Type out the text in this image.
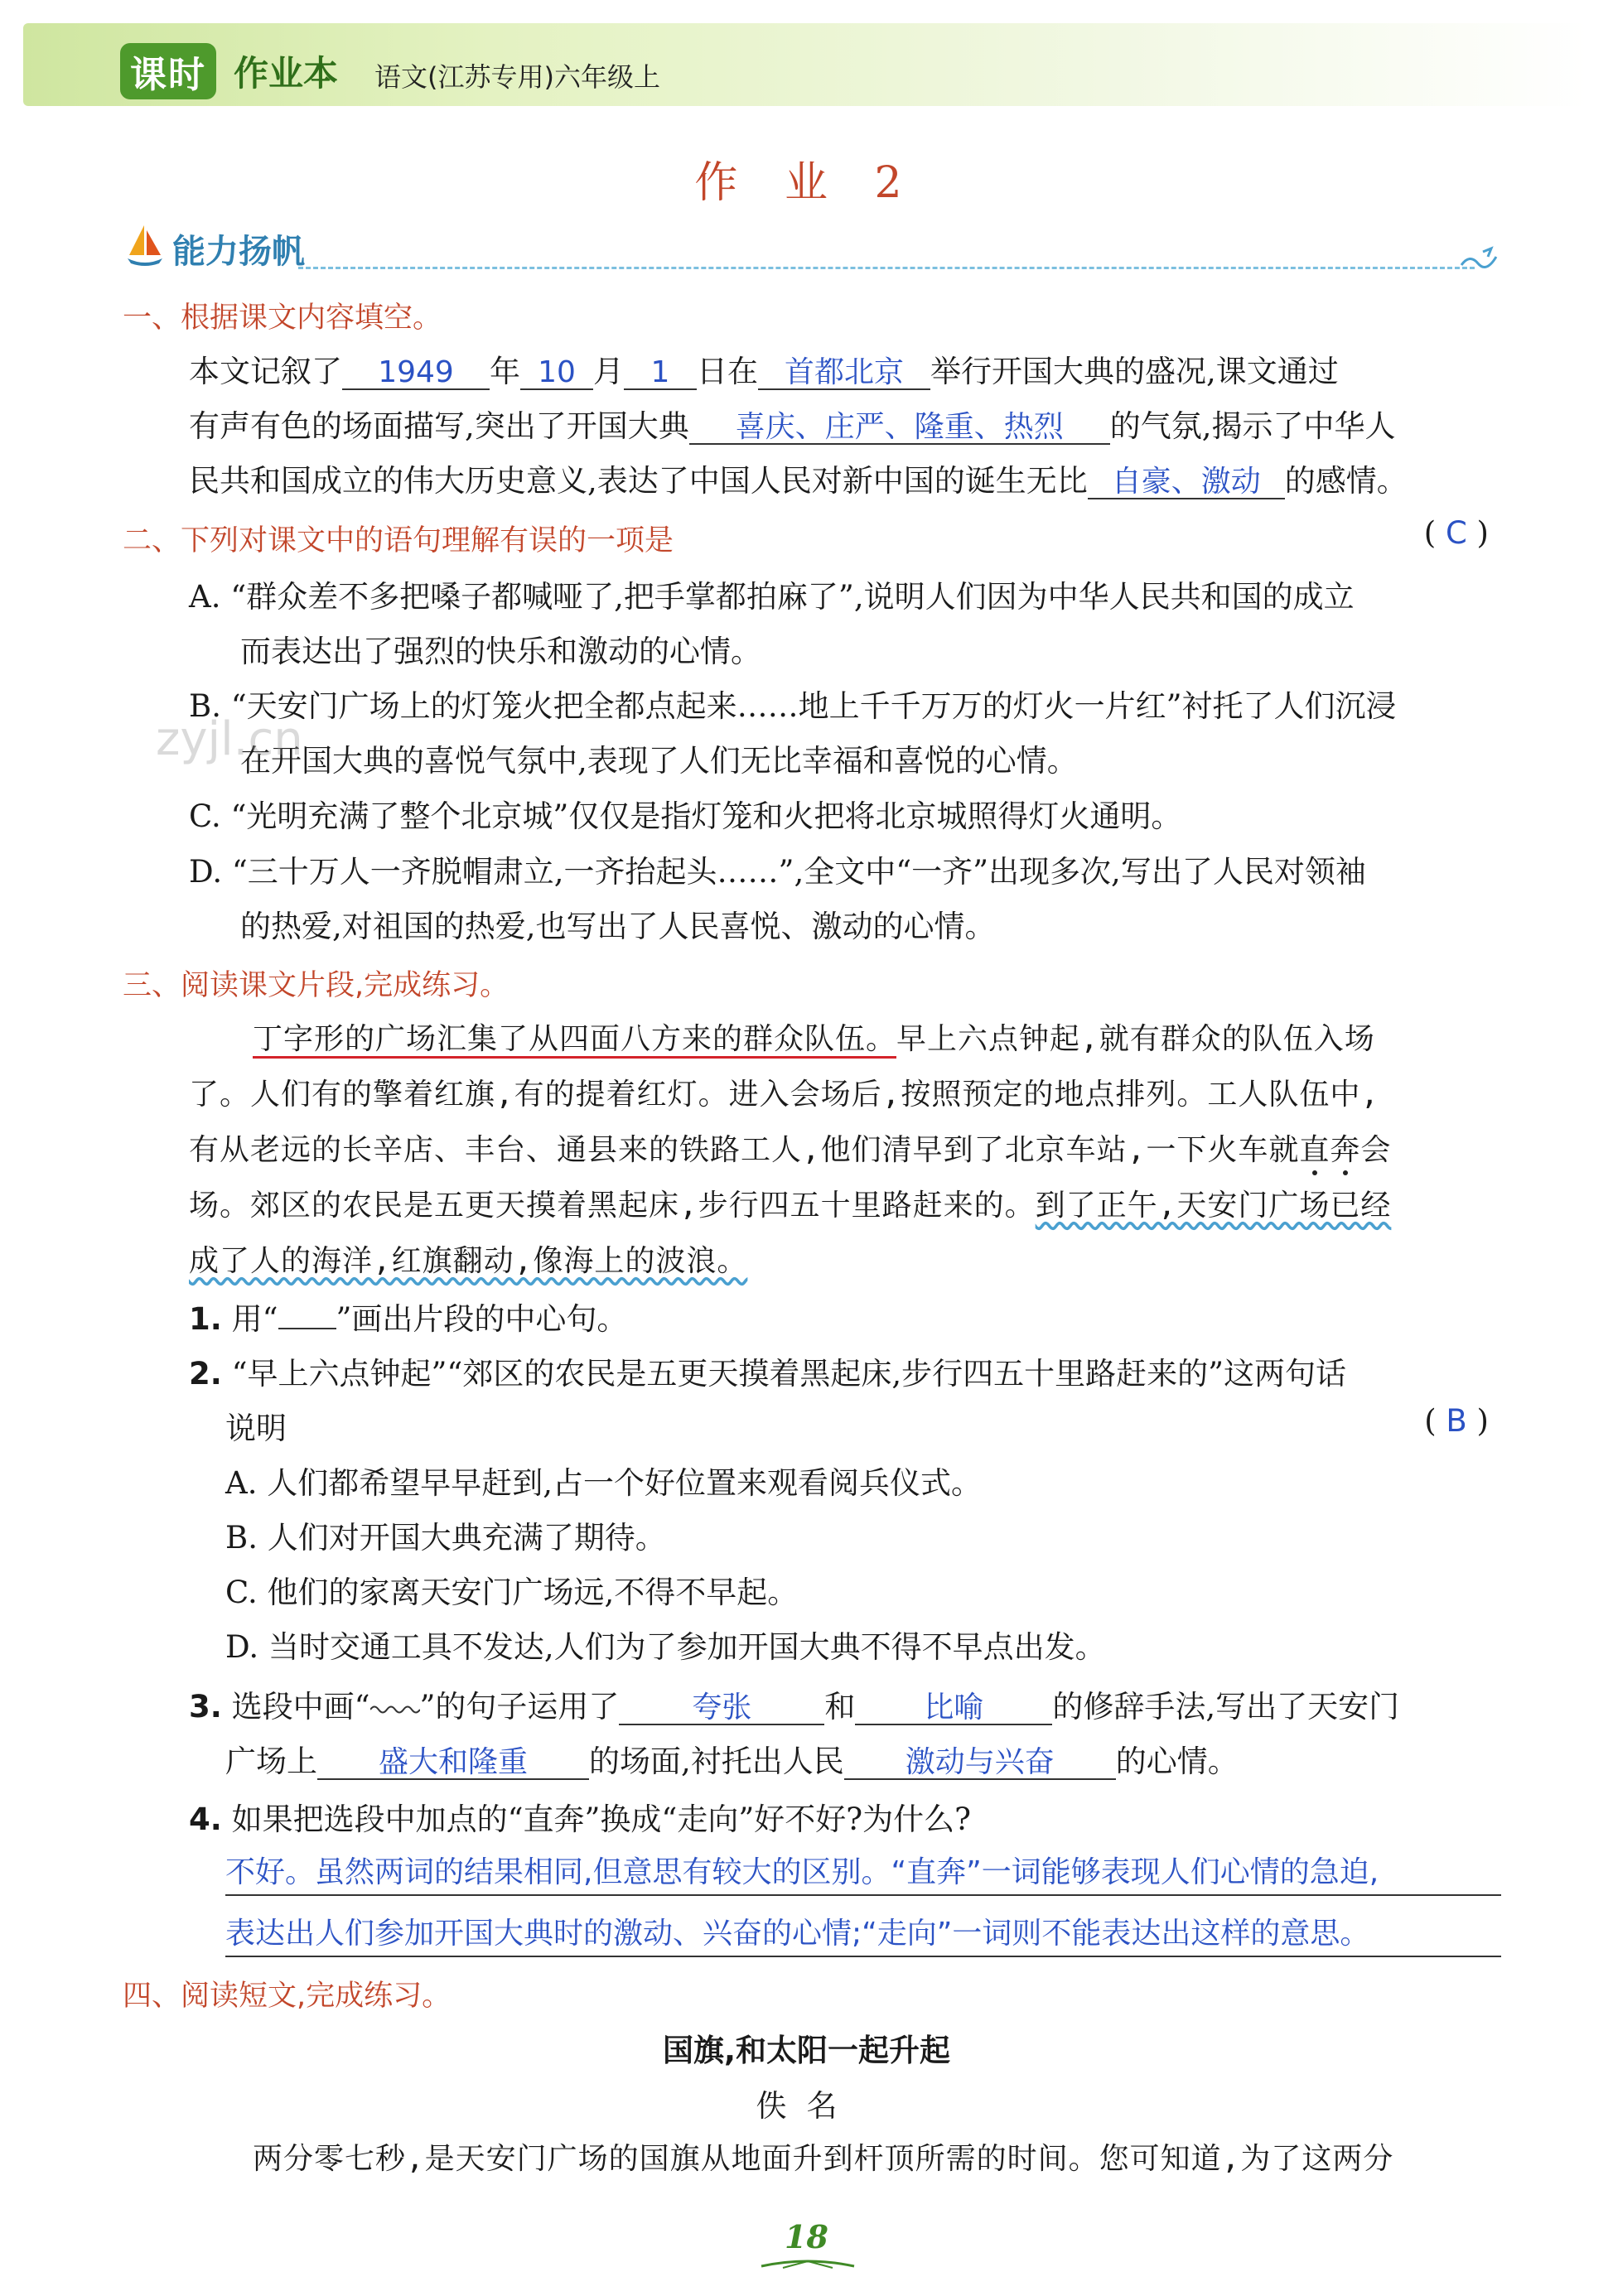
课时 作业本 语文(江苏专用)六年级上
作 业 2
能力扬帆
一、根据课文内容填空。
本文记叙了 1949 年 10 月 1 日在 首都北京 举行开国大典的盛况,课文通过
有声有色的场面描写,突出了开国大典 喜庆、庄严、隆重、热烈 的气氛,揭示了中华人
民共和国成立的伟大历史意义,表达了中国人民对新中国的诞生无比 自豪、激动 的感情。
二、下列对课文中的语句理解有误的一项是	( C )
A. “群众差不多把嗓子都喊哑了,把手掌都拍麻了”,说明人们因为中华人民共和国的成立
而表达出了强烈的快乐和激动的心情。
B. “天安门广场上的灯笼火把全都点起来……地上千千万万的灯火一片红”衬托了人们沉浸
在开国大典的喜悦气氛中,表现了人们无比幸福和喜悦的心情。
zyjl.cn
C. “光明充满了整个北京城”仅仅是指灯笼和火把将北京城照得灯火通明。
D. “三十万人一齐脱帽肃立,一齐抬起头……”,全文中“一齐”出现多次,写出了人民对领袖
的热爱,对祖国的热爱,也写出了人民喜悦、激动的心情。
三、阅读课文片段,完成练习。
丁字形的广场汇集了从四面八方来的群众队伍。早上六点钟起,就有群众的队伍入场
了。人们有的擎着红旗,有的提着红灯。进入会场后,按照预定的地点排列。工人队伍中,
有从老远的长辛店、丰台、通县来的铁路工人,他们清早到了北京车站,一下火车就直奔会
场。郊区的农民是五更天摸着黑起床,步行四五十里路赶来的。到了正午,天安门广场已经
成了人的海洋,红旗翻动,像海上的波浪。
1. 用“ ”画出片段的中心句。
2. “早上六点钟起”“郊区的农民是五更天摸着黑起床,步行四五十里路赶来的”这两句话
说明	( B )
A. 人们都希望早早赶到,占一个好位置来观看阅兵仪式。
B. 人们对开国大典充满了期待。
C. 他们的家离天安门广场远,不得不早起。
D. 当时交通工具不发达,人们为了参加开国大典不得不早点出发。
3. 选段中画“ ”的句子运用了 夸张 和 比喻 的修辞手法,写出了天安门
广场上 盛大和隆重 的场面,衬托出人民 激动与兴奋 的心情。
4. 如果把选段中加点的“直奔”换成“走向”好不好?为什么?
不好。虽然两词的结果相同,但意思有较大的区别。“直奔”一词能够表现人们心情的急迫,
表达出人们参加开国大典时的激动、兴奋的心情;“走向”一词则不能表达出这样的意思。
四、阅读短文,完成练习。
国旗,和太阳一起升起
佚名
两分零七秒,是天安门广场的国旗从地面升到杆顶所需的时间。您可知道,为了这两分
18
